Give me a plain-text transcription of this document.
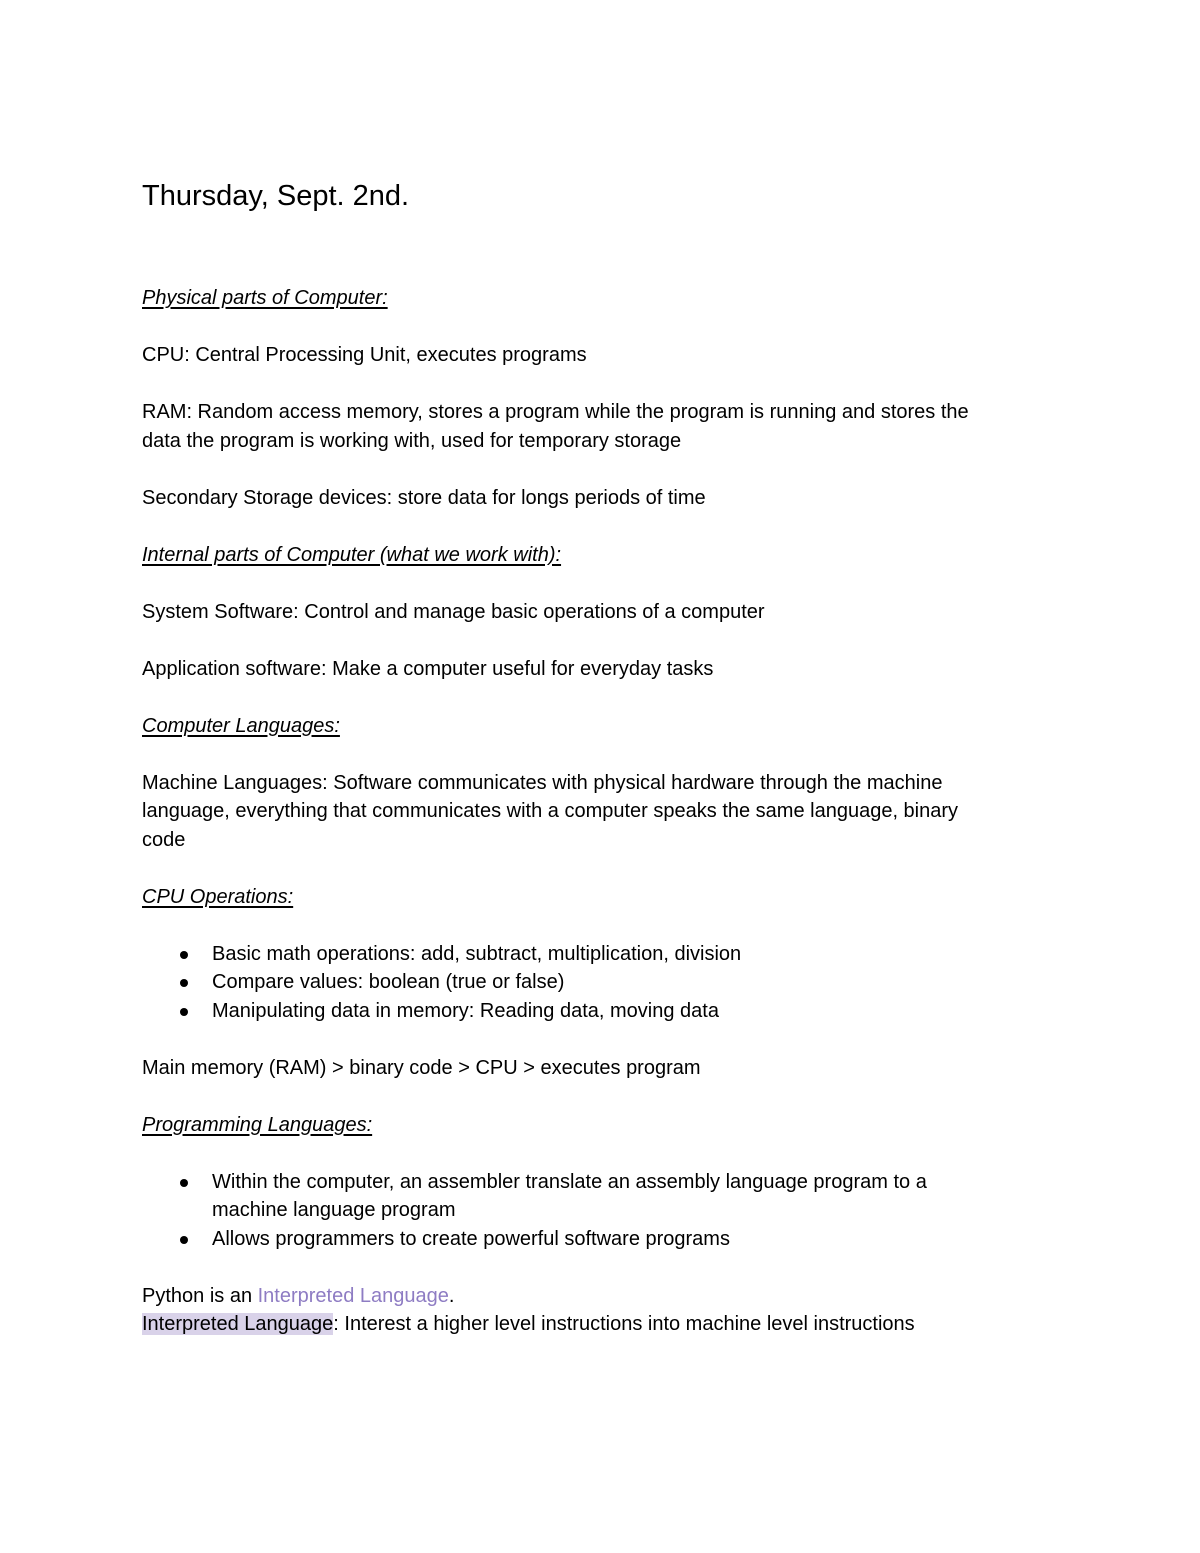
Thursday, Sept. 2nd.
Physical parts of Computer:
CPU: Central Processing Unit, executes programs
RAM: Random access memory, stores a program while the program is running and stores the
data the program is working with, used for temporary storage
Secondary Storage devices: store data for longs periods of time
Internal parts of Computer (what we work with):
System Software: Control and manage basic operations of a computer
Application software: Make a computer useful for everyday tasks
Computer Languages:
Machine Languages: Software communicates with physical hardware through the machine
language, everything that communicates with a computer speaks the same language, binary
code
CPU Operations:
Basic math operations: add, subtract, multiplication, division
Compare values: boolean (true or false)
Manipulating data in memory: Reading data, moving data
Main memory (RAM) > binary code > CPU > executes program
Programming Languages:
Within the computer, an assembler translate an assembly language program to a
machine language program
Allows programmers to create powerful software programs
Python is an Interpreted Language.
Interpreted Language: Interest a higher level instructions into machine level instructions
